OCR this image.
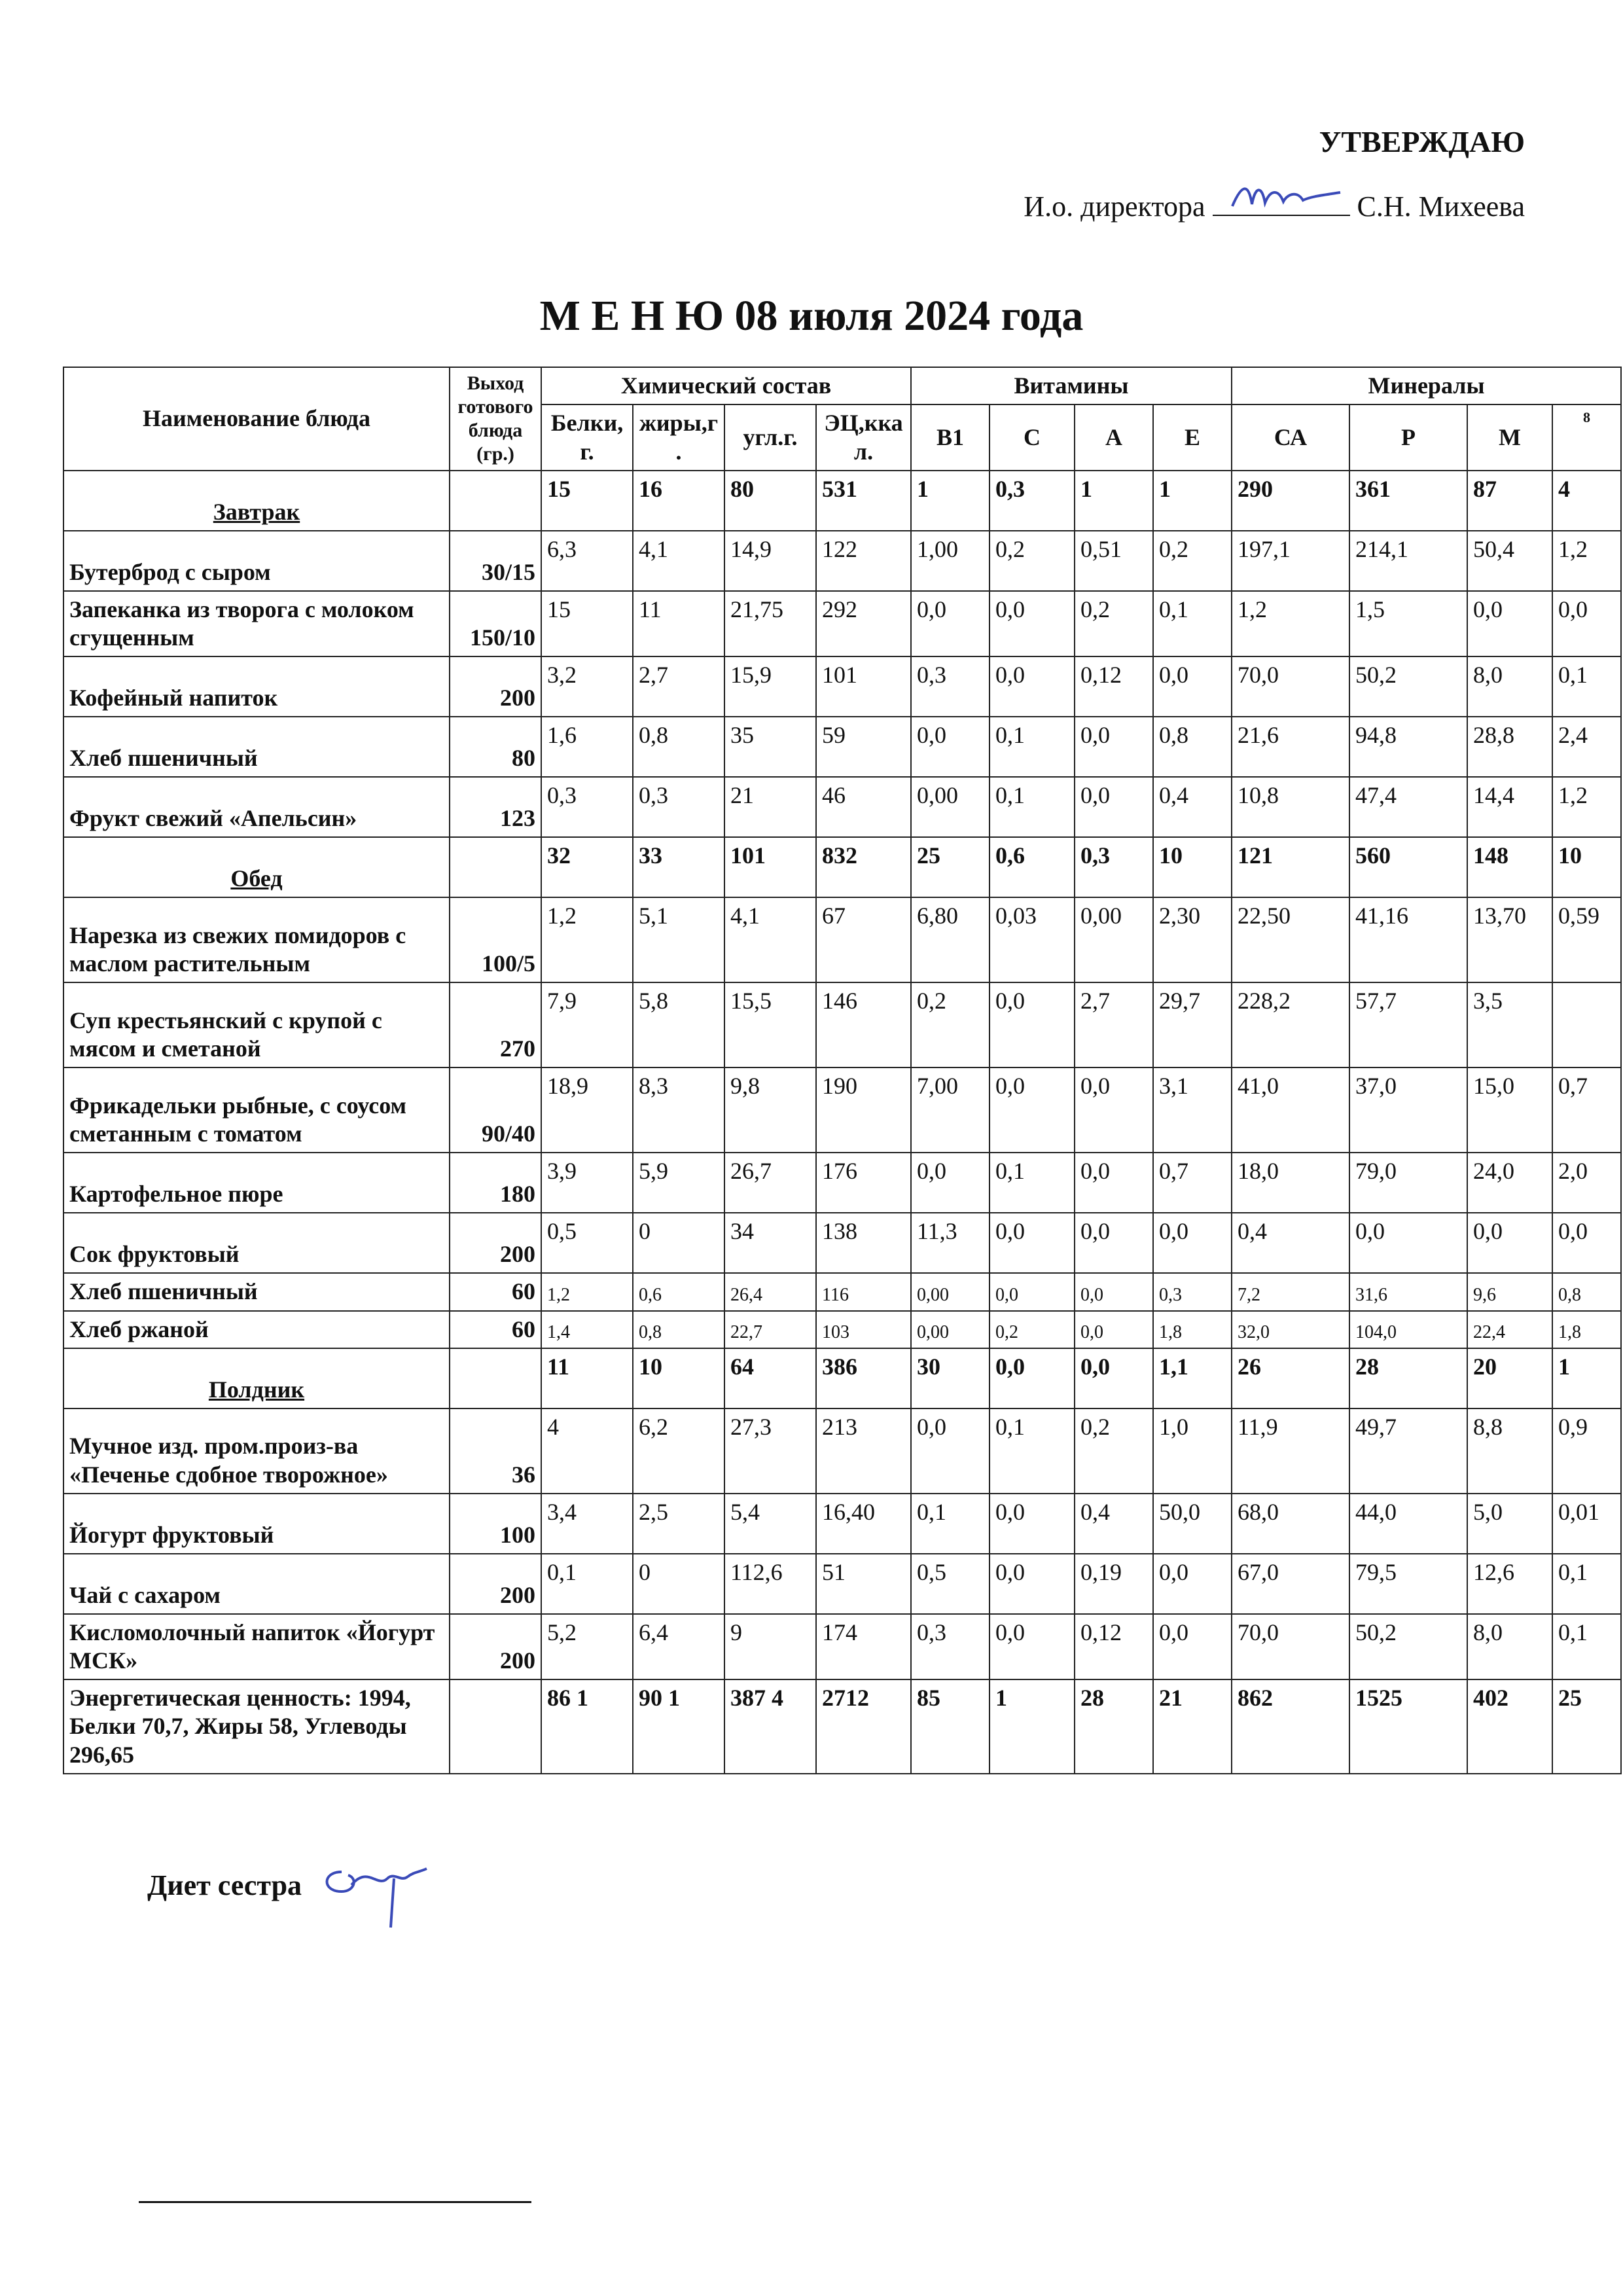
УТВЕРЖДАЮ
И.о. директора	С.Н. Михеева
М Е Н Ю 08 июля 2024 года
Наименование блюда	Выход готового блюда (гр.)	Химический состав				Витамины				Минералы			
		Белки, г.	жиры,г.	угл.г.	ЭЦ,ккал.	В1	С	А	Е	СА	Р	М	8
Завтрак		15	16	80	531	1	0,3	1	1	290	361	87	4
Бутерброд с сыром	30/15	6,3	4,1	14,9	122	1,00	0,2	0,51	0,2	197,1	214,1	50,4	1,2
Запеканка из творога с молоком сгущенным	150/10	15	11	21,75	292	0,0	0,0	0,2	0,1	1,2	1,5	0,0	0,0
Кофейный напиток	200	3,2	2,7	15,9	101	0,3	0,0	0,12	0,0	70,0	50,2	8,0	0,1
Хлеб пшеничный	80	1,6	0,8	35	59	0,0	0,1	0,0	0,8	21,6	94,8	28,8	2,4
Фрукт свежий «Апельсин»	123	0,3	0,3	21	46	0,00	0,1	0,0	0,4	10,8	47,4	14,4	1,2
Обед		32	33	101	832	25	0,6	0,3	10	121	560	148	10
Нарезка из свежих помидоров с маслом растительным	100/5	1,2	5,1	4,1	67	6,80	0,03	0,00	2,30	22,50	41,16	13,70	0,59
Суп крестьянский с крупой с мясом и сметаной	270	7,9	5,8	15,5	146	0,2	0,0	2,7	29,7	228,2	57,7	3,5	
Фрикадельки рыбные, с соусом сметанным с томатом	90/40	18,9	8,3	9,8	190	7,00	0,0	0,0	3,1	41,0	37,0	15,0	0,7
Картофельное пюре	180	3,9	5,9	26,7	176	0,0	0,1	0,0	0,7	18,0	79,0	24,0	2,0
Сок фруктовый	200	0,5	0	34	138	11,3	0,0	0,0	0,0	0,4	0,0	0,0	0,0
Хлеб пшеничный	60	1,2	0,6	26,4	116	0,00	0,0	0,0	0,3	7,2	31,6	9,6	0,8
Хлеб ржаной	60	1,4	0,8	22,7	103	0,00	0,2	0,0	1,8	32,0	104,0	22,4	1,8
Полдник		11	10	64	386	30	0,0	0,0	1,1	26	28	20	1
Мучное изд. пром.произ-ва «Печенье сдобное творожное»	36	4	6,2	27,3	213	0,0	0,1	0,2	1,0	11,9	49,7	8,8	0,9
Йогурт фруктовый	100	3,4	2,5	5,4	16,40	0,1	0,0	0,4	50,0	68,0	44,0	5,0	0,01
Чай с сахаром	200	0,1	0	112,6	51	0,5	0,0	0,19	0,0	67,0	79,5	12,6	0,1
Кисломолочный напиток «Йогурт МСК»	200	5,2	6,4	9	174	0,3	0,0	0,12	0,0	70,0	50,2	8,0	0,1
Энергетическая ценность: 1994, Белки 70,7, Жиры 58, Углеводы 296,65		86 1	90 1	387 4	2712	85	1	28	21	862	1525	402	25
Диет сестра
